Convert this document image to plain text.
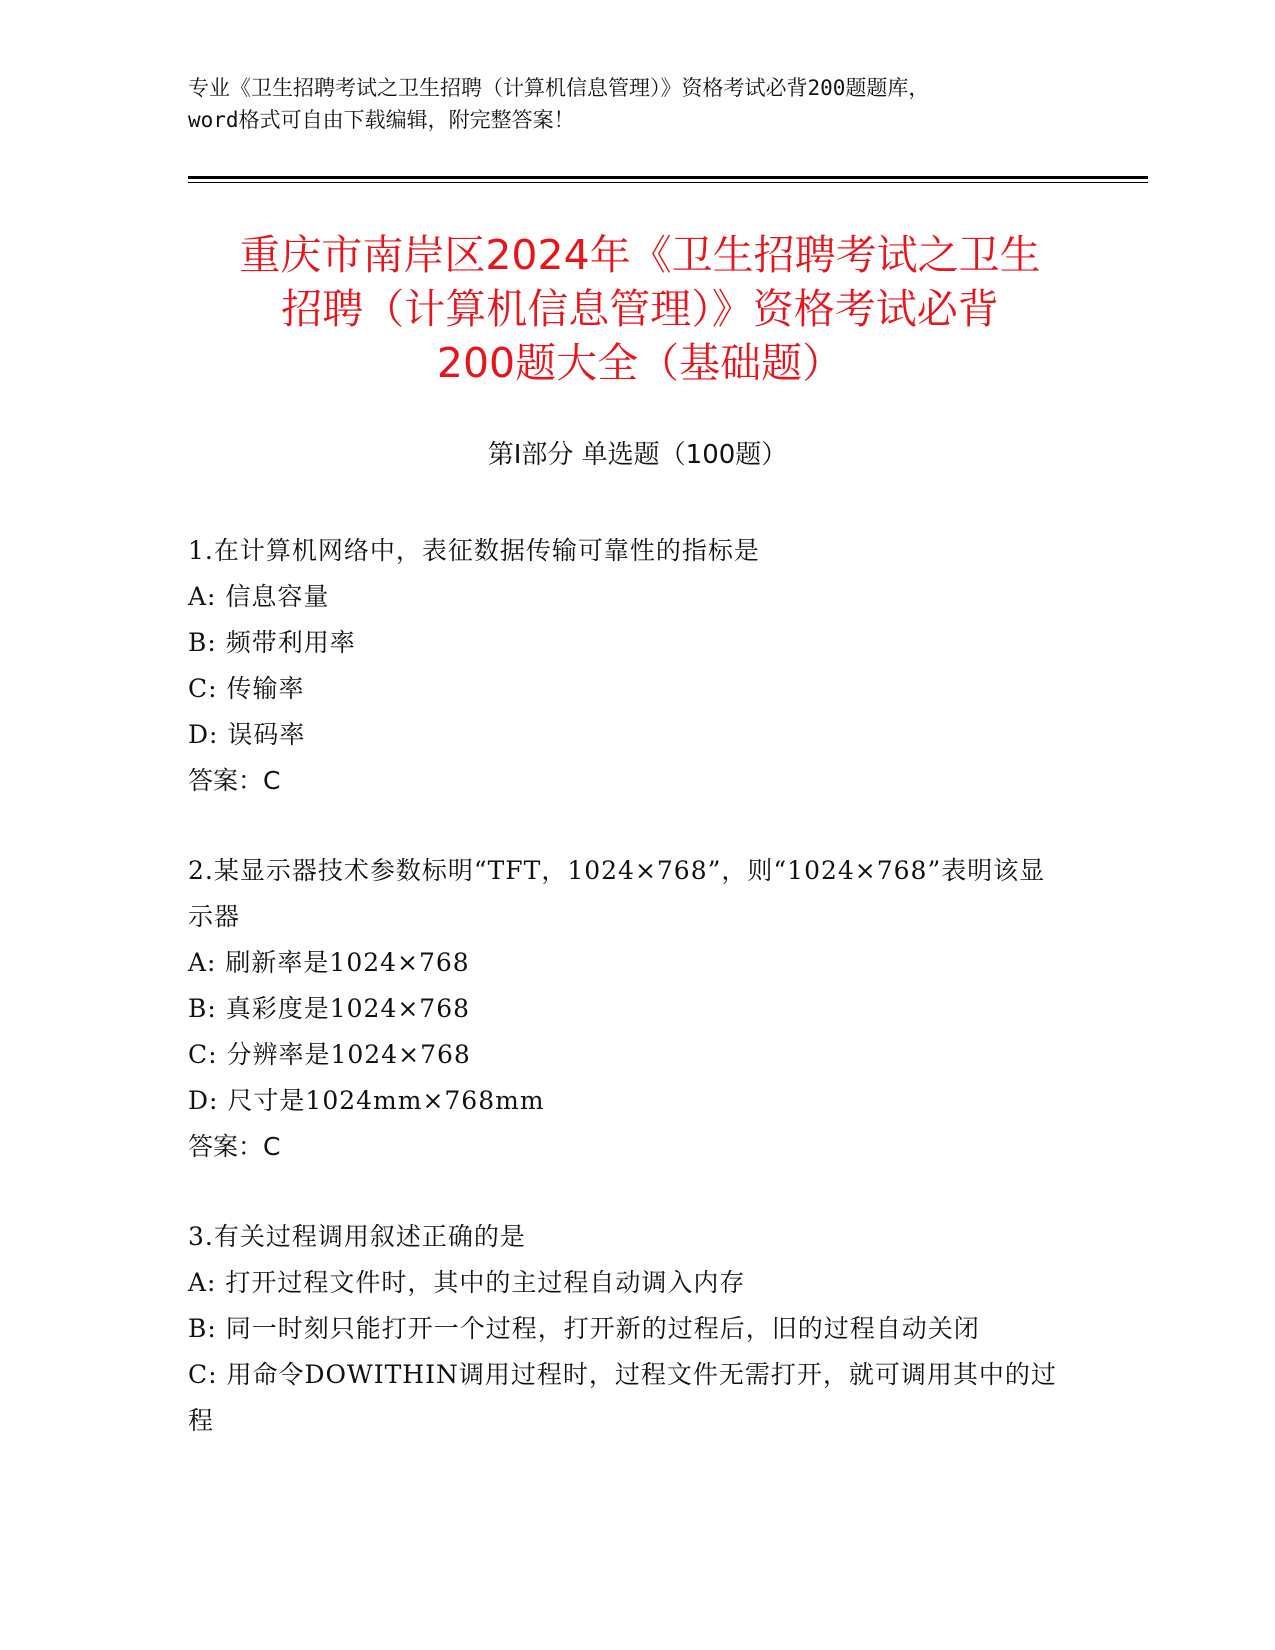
专业《卫生招聘考试之卫生招聘（计算机信息管理）》资格考试必背200题题库，
word格式可自由下载编辑，附完整答案！
重庆市南岸区2024年《卫生招聘考试之卫生
招聘（计算机信息管理）》资格考试必背
200题大全（基础题）
第Ⅰ部分 单选题（100题）
1.在计算机网络中，表征数据传输可靠性的指标是
A: 信息容量
B: 频带利用率
C: 传输率
D: 误码率
答案：C
2.某显示器技术参数标明“TFT，1024×768”，则“1024×768”表明该显示器
A: 刷新率是1024×768
B: 真彩度是1024×768
C: 分辨率是1024×768
D: 尺寸是1024mm×768mm
答案：C
3.有关过程调用叙述正确的是
A: 打开过程文件时，其中的主过程自动调入内存
B: 同一时刻只能打开一个过程，打开新的过程后，旧的过程自动关闭
C: 用命令DOWITHIN调用过程时，过程文件无需打开，就可调用其中的过程
